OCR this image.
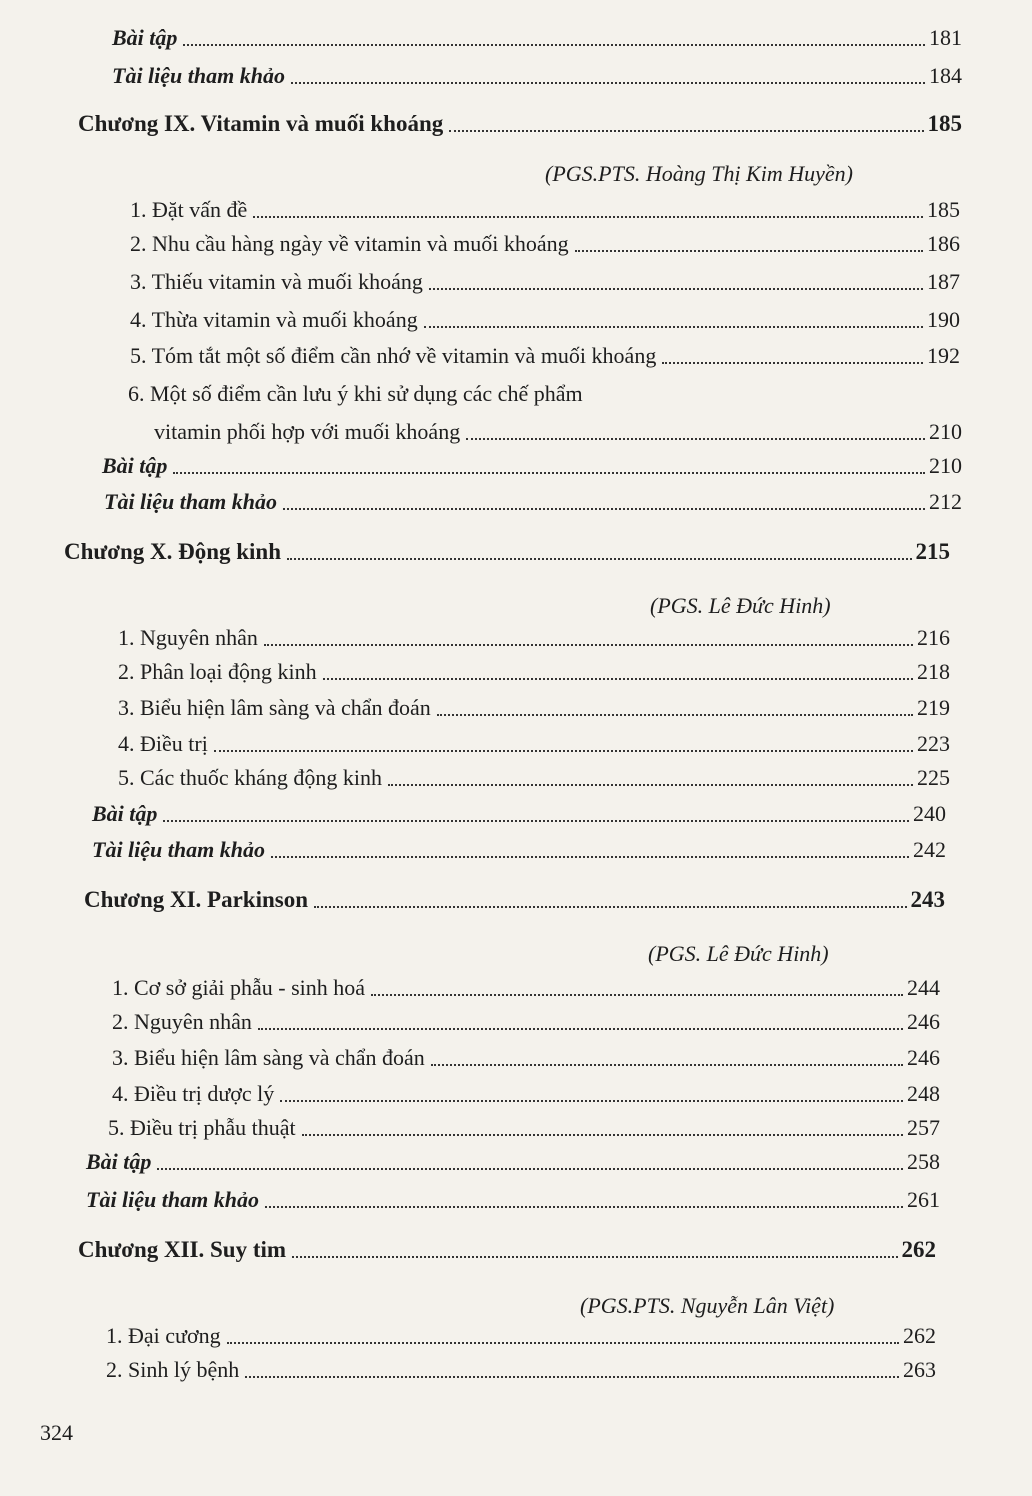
Bài tập	181
Tài liệu tham khảo	184
Chương IX. Vitamin và muối khoáng	185
(PGS.PTS. Hoàng Thị Kim Huyền)
1. Đặt vấn đề	185
2. Nhu cầu hàng ngày về vitamin và muối khoáng	186
3. Thiếu vitamin và muối khoáng	187
4. Thừa vitamin và muối khoáng	190
5. Tóm tắt một số điểm cần nhớ về vitamin và muối khoáng	192
6. Một số điểm cần lưu ý khi sử dụng các chế phẩm
vitamin phối hợp với muối khoáng	210
Bài tập	210
Tài liệu tham khảo	212
Chương X. Động kinh	215
(PGS. Lê Đức Hinh)
1. Nguyên nhân	216
2. Phân loại động kinh	218
3. Biểu hiện lâm sàng và chẩn đoán	219
4. Điều trị	223
5. Các thuốc kháng động kinh	225
Bài tập	240
Tài liệu tham khảo	242
Chương XI. Parkinson	243
(PGS. Lê Đức Hinh)
1. Cơ sở giải phẫu - sinh hoá	244
2. Nguyên nhân	246
3. Biểu hiện lâm sàng và chẩn đoán	246
4. Điều trị dược lý	248
5. Điều trị phẫu thuật	257
Bài tập	258
Tài liệu tham khảo	261
Chương XII. Suy tim	262
(PGS.PTS. Nguyễn Lân Việt)
1. Đại cương	262
2. Sinh lý bệnh	263
324
